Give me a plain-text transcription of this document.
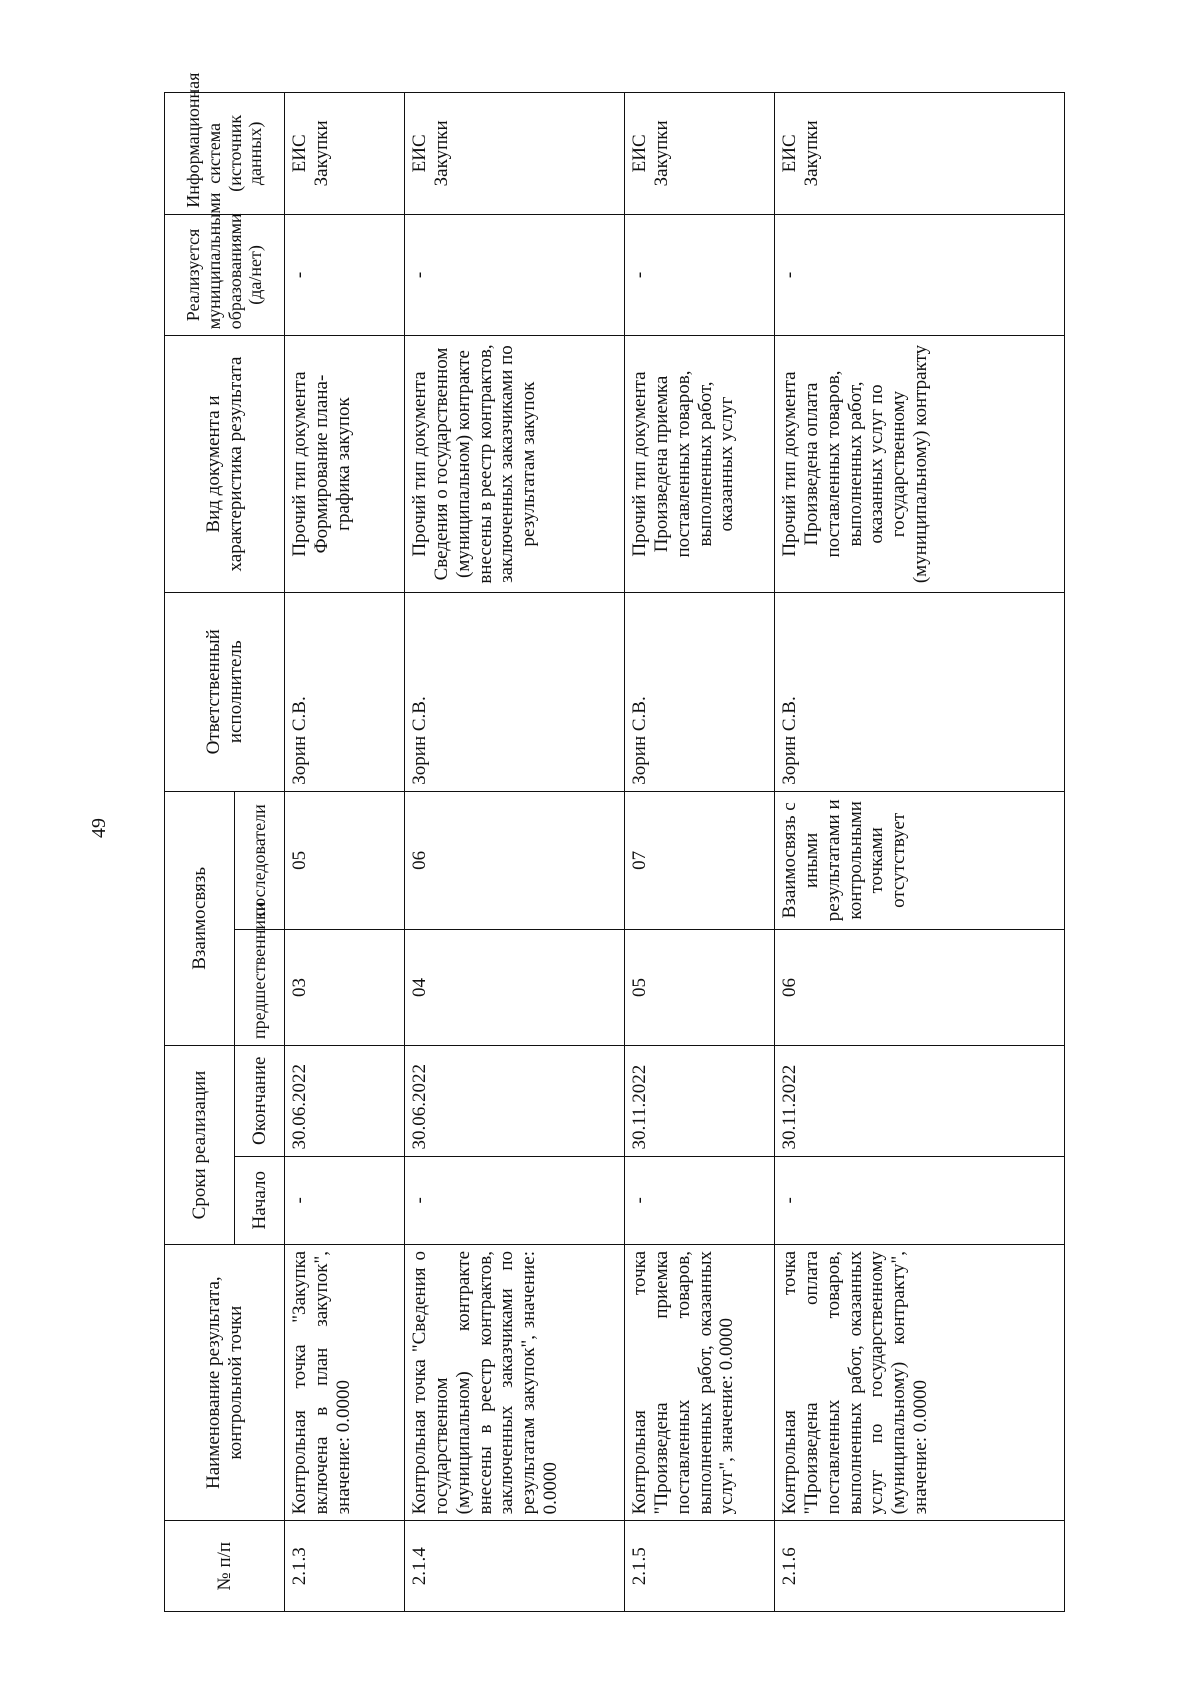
49
№ п/п	Наименование результата, контрольной точки	Сроки реализации		Взаимосвязь		Ответственный исполнитель	Вид документа и характеристика результата	Реализуется муниципальными образованиями (да/нет)	Информационная система (источник данных)
		Начало	Окончание	предшественники	последователи				
2.1.3	Контрольная точка "Закупка включена в план закупок", значение: 0.0000	-	30.06.2022	03	05	Зорин С.В.	Прочий тип документа Формирование плана-графика закупок	-	ЕИС Закупки
2.1.4	Контрольная точка "Сведения о государственном (муниципальном) контракте внесены в реестр контрактов, заключенных заказчиками по результатам закупок", значение: 0.0000	-	30.06.2022	04	06	Зорин С.В.	Прочий тип документа Сведения о государственном (муниципальном) контракте внесены в реестр контрактов, заключенных заказчиками по результатам закупок	-	ЕИС Закупки
2.1.5	Контрольная точка "Произведена приемка поставленных товаров, выполненных работ, оказанных услуг", значение: 0.0000	-	30.11.2022	05	07	Зорин С.В.	Прочий тип документа Произведена приемка поставленных товаров, выполненных работ, оказанных услуг	-	ЕИС Закупки
2.1.6	Контрольная точка "Произведена оплата поставленных товаров, выполненных работ, оказанных услуг по государственному (муниципальному) контракту", значение: 0.0000	-	30.11.2022	06	Взаимосвязь с иными результатами и контрольными точками отсутствует	Зорин С.В.	Прочий тип документа Произведена оплата поставленных товаров, выполненных работ, оказанных услуг по государственному (муниципальному) контракту	-	ЕИС Закупки
